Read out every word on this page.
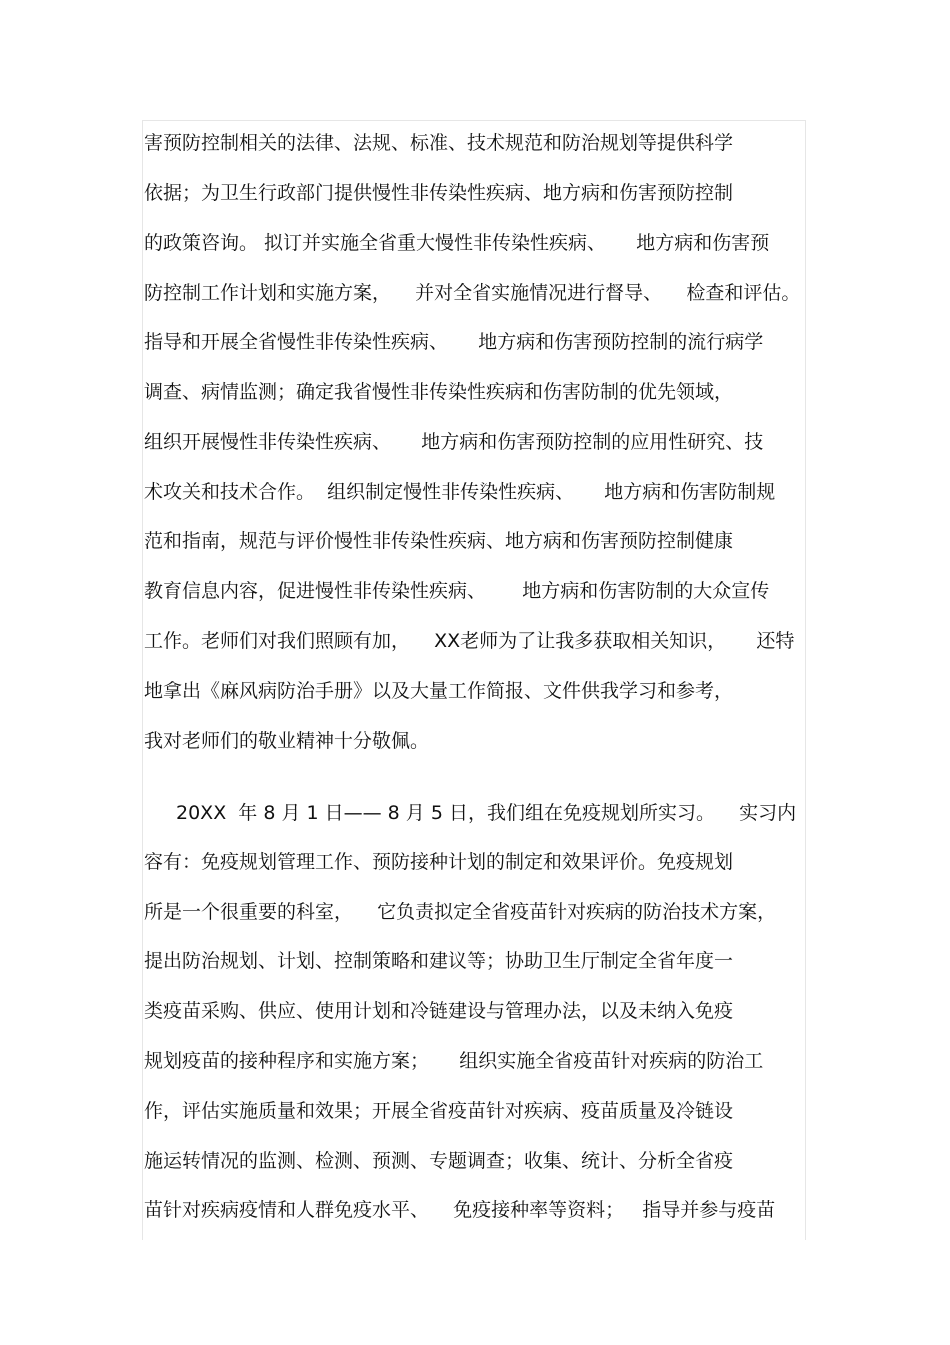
害预防控制相关的法律、法规、标准、技术规范和防治规划等提供科学
依据；为卫生行政部门提供慢性非传染性疾病、地方病和伤害预防控制
的政策咨询。 拟订并实施全省重大慢性非传染性疾病、     地方病和伤害预
防控制工作计划和实施方案，    并对全省实施情况进行督导、    检查和评估。
指导和开展全省慢性非传染性疾病、     地方病和伤害预防控制的流行病学
调查、病情监测；确定我省慢性非传染性疾病和伤害防制的优先领域，
组织开展慢性非传染性疾病、     地方病和伤害预防控制的应用性研究、技
术攻关和技术合作。  组织制定慢性非传染性疾病、     地方病和伤害防制规
范和指南，规范与评价慢性非传染性疾病、地方病和伤害预防控制健康
教育信息内容，促进慢性非传染性疾病、      地方病和伤害防制的大众宣传
工作。老师们对我们照顾有加，    XX老师为了让我多获取相关知识，     还特
地拿出《麻风病防治手册》以及大量工作简报、文件供我学习和参考，
我对老师们的敬业精神十分敬佩。
20XX  年 8 月 1 日—— 8 月 5 日，我们组在免疫规划所实习。    实习内
容有：免疫规划管理工作、预防接种计划的制定和效果评价。免疫规划
所是一个很重要的科室，    它负责拟定全省疫苗针对疾病的防治技术方案，
提出防治规划、计划、控制策略和建议等；协助卫生厅制定全省年度一
类疫苗采购、供应、使用计划和冷链建设与管理办法，以及未纳入免疫
规划疫苗的接种程序和实施方案；     组织实施全省疫苗针对疾病的防治工
作，评估实施质量和效果；开展全省疫苗针对疾病、疫苗质量及冷链设
施运转情况的监测、检测、预测、专题调查；收集、统计、分析全省疫
苗针对疾病疫情和人群免疫水平、    免疫接种率等资料；   指导并参与疫苗
